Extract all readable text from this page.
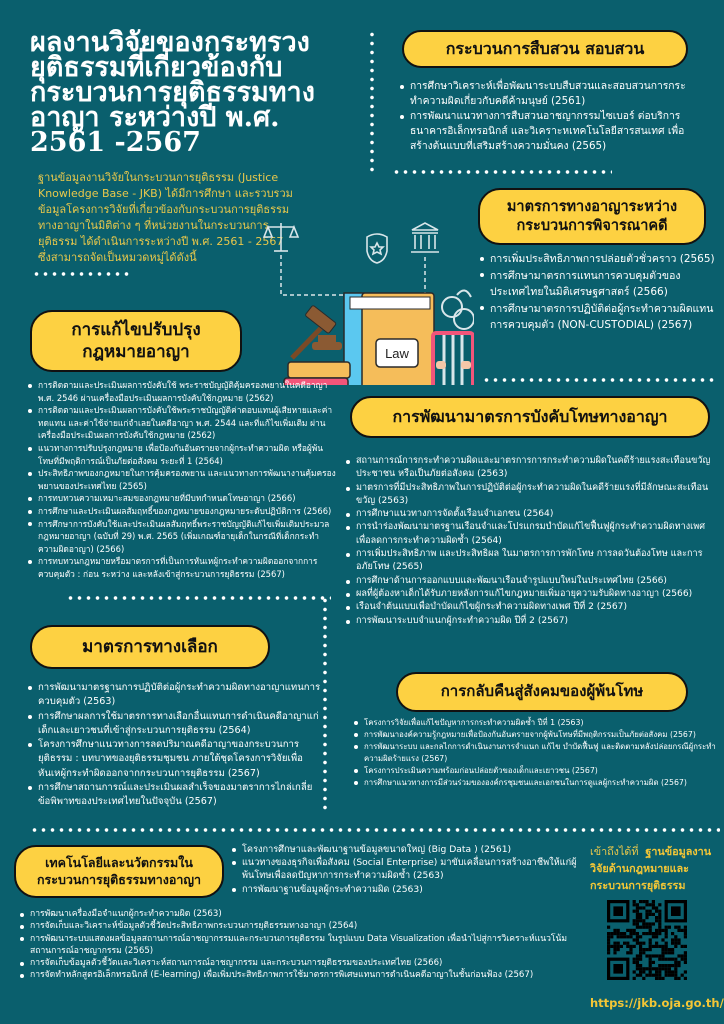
ผลงานวิจัยของกระทรวง
ยุติธรรมที่เกี่ยวข้องกับ
กระบวนการยุติธรรมทาง
อาญา ระหว่างปี พ.ศ.
2561 -2567
ฐานข้อมูลงานวิจัยในกระบวนการยุติธรรม (Justice Knowledge Base - JKB) ได้มีการศึกษา และรวบรวมข้อมูลโครงการวิจัยที่เกี่ยวข้องกับกระบวนการยุติธรรมทางอาญาในมิติต่าง ๆ ที่หน่วยงานในกระบวนการยุติธรรม ได้ดำเนินการระหว่างปี พ.ศ. 2561 - 2567 ซึ่งสามารถจัดเป็นหมวดหมู่ได้ดังนี้
Law
กระบวนการสืบสวน สอบสวน
การศึกษาวิเคราะห์เพื่อพัฒนาระบบสืบสวนและสอบสวนการกระทำความผิดเกี่ยวกับคดีค้ามนุษย์ (2561)
การพัฒนาแนวทางการสืบสวนอาชญากรรมไซเบอร์ ต่อบริการธนาคารอิเล็กทรอนิกส์ และวิเคราะหเทคโนโลยีสารสนเทศ เพื่อสร้างต้นแบบที่เสริมสร้างความมั่นคง (2565)
มาตรการทางอาญาระหว่าง
กระบวนการพิจารณาคดี
การเพิ่มประสิทธิภาพการปล่อยตัวชั่วคราว (2565)
การศึกษามาตรการแทนการควบคุมตัวของประเทศไทยในมิติเศรษฐศาสตร์ (2566)
การศึกษามาตรการปฏิบัติต่อผู้กระทำความผิดแทนการควบคุมตัว (NON-CUSTODIAL) (2567)
การแก้ไขปรับปรุง
กฎหมายอาญา
การติดตามและประเมินผลการบังคับใช้ พระราชบัญญัติคุ้มครองพยานในคดีอาญา พ.ศ. 2546 ผ่านเครื่องมือประเมินผลการบังคับใช้กฎหมาย (2562)
การติดตามและประเมินผลการบังคับใช้พระราชบัญญัติค่าตอบแทนผู้เสียหายและค่าทดแทน และค่าใช้จ่ายแก่จำเลยในคดีอาญา พ.ศ. 2544 และที่แก้ไขเพิ่มเติม ผ่านเครื่องมือประเมินผลการบังคับใช้กฎหมาย (2562)
แนวทางการปรับปรุงกฎหมาย เพื่อป้องกันอันตรายจากผู้กระทำความผิด หรือผู้พ้นโทษที่มีพฤติการณ์เป็นภัยต่อสังคม ระยะที่ 1 (2564)
ประสิทธิภาพของกฎหมายในการคุ้มครองพยาน และแนวทางการพัฒนางานคุ้มครองพยานของประเทศไทย (2565)
การทบทวนความเหมาะสมของกฎหมายที่มีบทกำหนดโทษอาญา (2566)
การศึกษาและประเมินผลสัมฤทธิ์ของกฎหมายของกฎหมายระดับปฏิบัติการ (2566)
การศึกษาการบังคับใช้และประเมินผลสัมฤทธิ์พระราชบัญญัติแก้ไขเพิ่มเติมประมวลกฎหมายอาญา (ฉบับที่ 29) พ.ศ. 2565 (เพิ่มเกณฑ์อายุเด็กในกรณีที่เด็กกระทำความผิดอาญา) (2566)
การทบทวนกฎหมายหรือมาตรการที่เป็นการหันเหผู้กระทำความผิดออกจากการควบคุมตัว : ก่อน ระหว่าง และหลังเข้าสู่กระบวนการยุติธรรม (2567)
การพัฒนามาตรการบังคับโทษทางอาญา
สถานการณ์การกระทำความผิดและมาตรการการกระทำความผิดในคดีร้ายแรงสะเทือนขวัญประชาชน หรือเป็นภัยต่อสังคม (2563)
มาตรการที่มีประสิทธิภาพในการปฏิบัติต่อผู้กระทำความผิดในคดีร้ายแรงที่มีลักษณะสะเทือนขวัญ (2563)
การศึกษาแนวทางการจัดตั้งเรือนจำเอกชน (2564)
การนำร่องพัฒนามาตรฐานเรือนจำและโปรแกรมบำบัดแก้ไขฟื้นฟูผู้กระทำความผิดทางเพศ เพื่อลดการกระทำความผิดซ้ำ (2564)
การเพิ่มประสิทธิภาพ และประสิทธิผล ในมาตรการการพักโทษ การลดวันต้องโทษ และการอภัยโทษ (2565)
การศึกษาด้านการออกแบบและพัฒนาเรือนจำรูปแบบใหม่ในประเทศไทย (2566)
ผลที่ผู้ต้องหาเด็กได้รับภายหลังการแก้ไขกฎหมายเพิ่มอายุความรับผิดทางอาญา (2566)
เรือนจำต้นแบบเพื่อบำบัดแก้ไขผู้กระทำความผิดทางเพศ ปีที่ 2 (2567)
การพัฒนาระบบจำแนกผู้กระทำความผิด ปีที่ 2 (2567)
มาตรการทางเลือก
การพัฒนามาตรฐานการปฏิบัติต่อผู้กระทำความผิดทางอาญาแทนการควบคุมตัว (2563)
การศึกษาผลการใช้มาตรการทางเลือกอื่นแทนการดำเนินคดีอาญาแก่เด็กและเยาวชนที่เข้าสู่กระบวนการยุติธรรม (2564)
โครงการศึกษาแนวทางการลดปริมาณคดีอาญาของกระบวนการยุติธรรม : บทบาทของยุติธรรมชุมชน ภายใต้ชุดโครงการวิจัยเพื่อหันเหผู้กระทำผิดออกจากกระบวนการยุติธรรม (2567)
การศึกษาสถานการณ์และประเมินผลสำเร็จของมาตราการไกล่เกลี่ยข้อพิพาทของประเทศไทยในปัจจุบัน (2567)
การกลับคืนสู่สังคมของผู้พ้นโทษ
โครงการวิจัยเพื่อแก้ไขปัญหาการกระทำความผิดซ้ำ ปีที่ 1 (2563)
การพัฒนาองค์ความรู้กฎหมายเพื่อป้องกันอันตรายจากผู้พ้นโทษที่มีพฤติกรรมเป็นภัยต่อสังคม (2567)
การพัฒนาระบบ และกลไกการดำเนินงานการจำแนก แก้ไข บำบัดฟื้นฟู และติดตามหลังปล่อยกรณีผู้กระทำความผิดร้ายแรง (2567)
โครงการประเมินความพร้อมก่อนปล่อยตัวของเด็กและเยาวชน (2567)
การศึกษาแนวทางการมีส่วนร่วมขององค์กรชุมชนและเอกชนในการดูแลผู้กระทำความผิด (2567)
เทคโนโลยีและนวัตกรรมใน
กระบวนการยุติธรรมทางอาญา
โครงการศึกษาและพัฒนาฐานข้อมูลขนาดใหญ่ (Big Data ) (2561)
แนวทางของธุรกิจเพื่อสังคม (Social Enterprise) มาขับเคลื่อนการสร้างอาชีพให้แก่ผู้พ้นโทษเพื่อลดปัญหาการกระทำความผิดซ้ำ (2563)
การพัฒนาฐานข้อมูลผู้กระทำความผิด (2563)
การพัฒนาเครื่องมือจำแนกผู้กระทำความผิด (2563)
การจัดเก็บและวิเคราะห์ข้อมูลตัวชี้วัดประสิทธิภาพกระบวนการยุติธรรมทางอาญา (2564)
การพัฒนาระบบแสดงผลข้อมูลสถานการณ์อาชญากรรมและกระบวนการยุติธรรม ในรูปแบบ Data Visualization เพื่อนำไปสู่การวิเคราะห์แนวโน้มสถานการณ์อาชญากรรม (2565)
การจัดเก็บข้อมูลตัวชี้วัดและวิเคราะห์สถานการณ์อาชญากรรม และกระบวนการยุติธรรมของประเทศไทย (2566)
การจัดทำหลักสูตรอิเล็กทรอนิกส์ (E-learning) เพื่อเพิ่มประสิทธิภาพการใช้มาตรการพิเศษแทนการดำเนินคดีอาญาในชั้นก่อนฟ้อง (2567)
เข้าถึงได้ที่ ฐานข้อมูลงานวิจัยด้านกฎหมายและกระบวนการยุติธรรม
https://jkb.oja.go.th/
